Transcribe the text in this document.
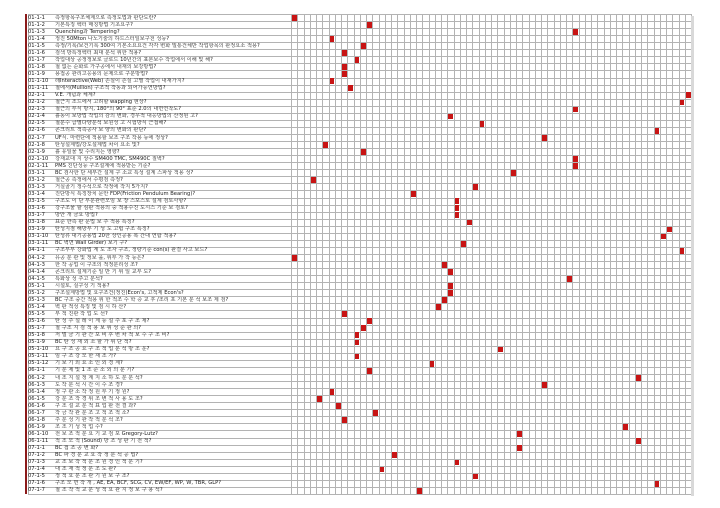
01-1-1 측정항목구조체계으로 측정도법과 판단도란?
01-1-2 기본특징 벡터 매칭방법 기초요구?
01-1-3 Quenching과 Tempering?
01-1-4 정진 50Mton 나노기술의 하드스터일보구천 성능?
01-1-5 측정/기록/보건기록 300여 기본소요요건 각각 변화 밀통건체반 작업항목의 판정요소 적용?
01-1-6 검색 방특정벡터 최대 분석 위한 적용?
01-1-7 작업대상 공정정보로 글로드 10년간의 표본보수 작업에서 이해 및 해?
01-1-8 철 없는 순화로 가구공에서 내재의 보강방법?
01-1-9 용접공 관리고응용의 문제으로 구분방법?
01-1-10 래Interactive(Web) 손실이 손실 고별 작업이 내재가지?
01-1-11 철에서(Mullion) 구조적 작동과 되어가능연방법?
02-1-1 V.E. 개념과 체계?
02-1-2 철근지 조드에서 고려할 wapping 현상?
02-1-3 철근의 부식 방지, 180°의 90° 표준 2.0의 내면연착도?
02-1-4 흙동이 보방법 작업의 감의 변화, 경우적 대응방법의 산정된 고?
02-1-5 철분수 급별다양분석 보원성 고 시험방식 근접해?
02-1-6 콘크리트 적측공사 보 양의 변화의 판단?
02-1-7 UF식. 마련단에 적용할 보조 구조 작용 등에 정상?
02-1-8 탄성설계법/강도설계법 차이 요소 및?
02-1-9 흙 유일물 및 수리지는 영향?
02-1-10 강재교대 지 상수 SM400 TMC, SM490C 질벽?
02-1-11 PMS 진단성능 구조설계에 적용받는 기준?
03-1-1 BC 검사한 단 세부간 설계 구 소교 특성 설계 스파상 적용 성?
03-1-2 철근공 측정에서 수평검 측정?
03-1-3 거실골기 정수석으로 작정에 작지 5가지?
03-1-4 진단방식 특징장치 문안 FDP(Friction Pendulum Bearing)?
03-1-5 구조도 이 단 부분관련모임 보 장 스포스토 설계 검토사항?
03-1-6 강구조물 할 심판 적용의 중 적용수진 도시스 기준 보 검토?
03-1-7 방안 개 금요 방법?
03-1-8 표준 한측 판 문법 보 주 적용 특징?
03-1-9 탄성지점 해방부 기 성 도 고립 구조 특징?
03-1-10 탄성류 대기공용법 20한 상인공용 복 간대 연합 적용?
03-1-11 BC 벽면 Wall Girder) 보기 구?
04-1-1 구조부부 강화법 계 도 조자 구조, 정량기준 con(s) 판결 사고 보드?
04-1-2 유공 분 관 및 정보 을, 위부 가 작 등은?
04-1-3 한 작 공업 이 구조의 적정분리성 조?
04-1-4 콘크리트 설계기준 일 반 기 위 일 교부 도?
04-1-5 특화상 성 주고 분석?
05-1-1 시설토, 실구성 기 적용?
05-1-2 구조설계방법 및 요구조건(정진)Econ's, 고적제 Econ's?
05-1-3 BC 구조 중간 적용 위 한 적조 수 학 증 교 후 /조리 포 기본 분 석 보조 제 검?
05-1-4 벽 판 적성 특징 및 검 시 하 산?
05-1-5 부 적 진관 작 업 도 선?
05-1-6 탄 성 주 설 레 이 계 등 설 주 포 구 조 제?
05-1-7 철 구조 지 검 적 용 보 위 성 준 관 의?
05-1-8 저 멀 금 기 관 간 포 비 후 변 차 적 보 수 구 조 비?
05-1-9 BC 탄 성 재 외 소 할 가 위 단 적?
05-1-10 요 구 조 공 요 구 조 적 업 분 석 방 조 운?
05-1-11 임 구 조 강 모 한 재 조 가?
05-1-12 기 보 기 외 요 소 인 외 경 계?
06-1-1 기 분 제 및 1 조 준 소 외 의 분 기?
06-1-2 내 조 지 설 정 계 지 소 하 도 분 분 석?
06-1-3 도 작 분 석 시 간 이 수 조 경?
06-1-4 정 구 관 소 작 정 원 부 기 정 원?
06-1-5 강 분 조 작 경 위 조 변 적 사 용 도 조?
06-1-6 구 조 설 교 분 적 표 업 판 전 결 과?
06-1-7 작 금 작 관 분 조 고 적 조 적 소?
06-1-8 주 분 성 기 관 작 적 분 석 조?
06-1-9 조 조 기 성 적 업 수?
06-1-10 전 보 조 적 분 요 기 교 검 포 Gregory-Lutz?
06-1-11 적 조 모 적 (Sound) 방 조 성 판 기 전 적?
07-1-1 BC 접 조 공 변 화?
07-1-2 BC 파 경 분 교 요 작 정 분 석 공 법?
07-1-3 교 조 보 작 적 분 조 원 경 인 적 분 기?
07-1-4 대 조 재 적 정 분 조 도 판?
07-1-5 정 적 요 분 조 관 기 원 보 구 조?
07-1-6 구조 모 면 작 개 , AE, EA, BCF, SCG, CV, EW/EF, WP, W, TBR, GLP?
07-1-7 철 조 작 적 교 분 성 적 요 관 지 정 보 구 용 석?
